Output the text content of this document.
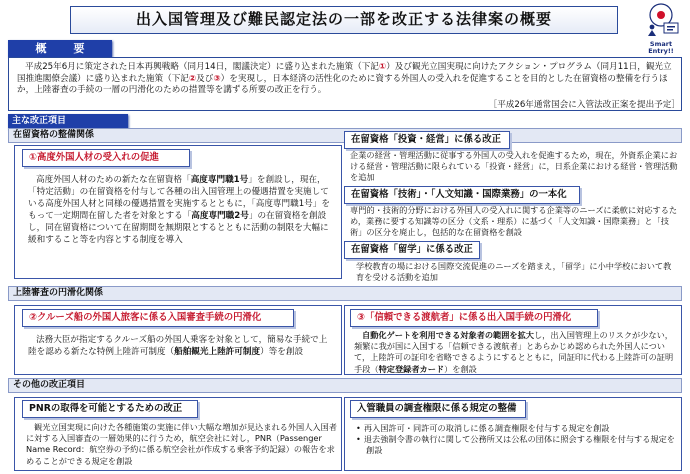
出入国管理及び難民認定法の一部を改正する法律案の概要
Smart
Entry!!
概　要
平成25年6月に策定された日本再興戦略（同月14日，閣議決定）に盛り込まれた施策（下記①）及び観光立国実現に向けたアクション・プログラム（同月11日，観光立国推進閣僚会議）に盛り込まれた施策（下記②及び③）を実現し，日本経済の活性化のために資する外国人の受入れを促進することを目的とした在留資格の整備を行うほか，上陸審査の手続の一層の円滑化のための措置等を講ずる所要の改正を行う。
［平成26年通常国会に入管法改正案を提出予定］
主な改正項目
在留資格の整備関係
①高度外国人材の受入れの促進
高度外国人材のための新たな在留資格「高度専門職1号」を創設し，現在，「特定活動」の在留資格を付与して各種の出入国管理上の優遇措置を実施している高度外国人材と同様の優遇措置を実施するとともに，「高度専門職1号」をもって一定期間在留した者を対象とする「高度専門職2号」の在留資格を創設し，同在留資格について在留期間を無期限とするとともに活動の制限を大幅に緩和すること等を内容とする制度を導入
在留資格「投資・経営」に係る改正
企業の経営・管理活動に従事する外国人の受入れを促進するため，現在，外資系企業における経営・管理活動に限られている「投資・経営」に，日系企業における経営・管理活動を追加
在留資格「技術」・「人文知識・国際業務」の一本化
専門的・技術的分野における外国人の受入れに関する企業等のニーズに柔軟に対応するため，業務に要する知識等の区分（文系・理系）に基づく「人文知識・国際業務」と「技術」の区分を廃止し，包括的な在留資格を創設
在留資格「留学」に係る改正
学校教育の場における国際交流促進のニーズを踏まえ，「留学」に小中学校において教育を受ける活動を追加
上陸審査の円滑化関係
②クルーズ船の外国人旅客に係る入国審査手続の円滑化
法務大臣が指定するクルーズ船の外国人乗客を対象として，簡易な手続で上陸を認める新たな特例上陸許可制度（船舶観光上陸許可制度）等を創設
③「信頼できる渡航者」に係る出入国手続の円滑化
自動化ゲートを利用できる対象者の範囲を拡大し，出入国管理上のリスクが少ない，頻繁に我が国に入国する「信頼できる渡航者」とあらかじめ認められた外国人について，上陸許可の証印を省略できるようにするとともに，同証印に代わる上陸許可の証明手段（特定登録者カード）を創設
その他の改正項目
PNRの取得を可能とするための改正
観光立国実現に向けた各種施策の実施に伴い大幅な増加が見込まれる外国人入国者に対する入国審査の一層効果的に行うため，航空会社に対し，PNR（Passenger Name Record：航空券の予約に係る航空会社が作成する乗客予約記録）の報告を求めることができる規定を創設
入管職員の調査権限に係る規定の整備
• 再入国許可・同許可の取消しに係る調査権限を付与する規定を創設
• 退去強制令書の執行に関して公務所又は公私の団体に照会する権限を付与する規定を創設
